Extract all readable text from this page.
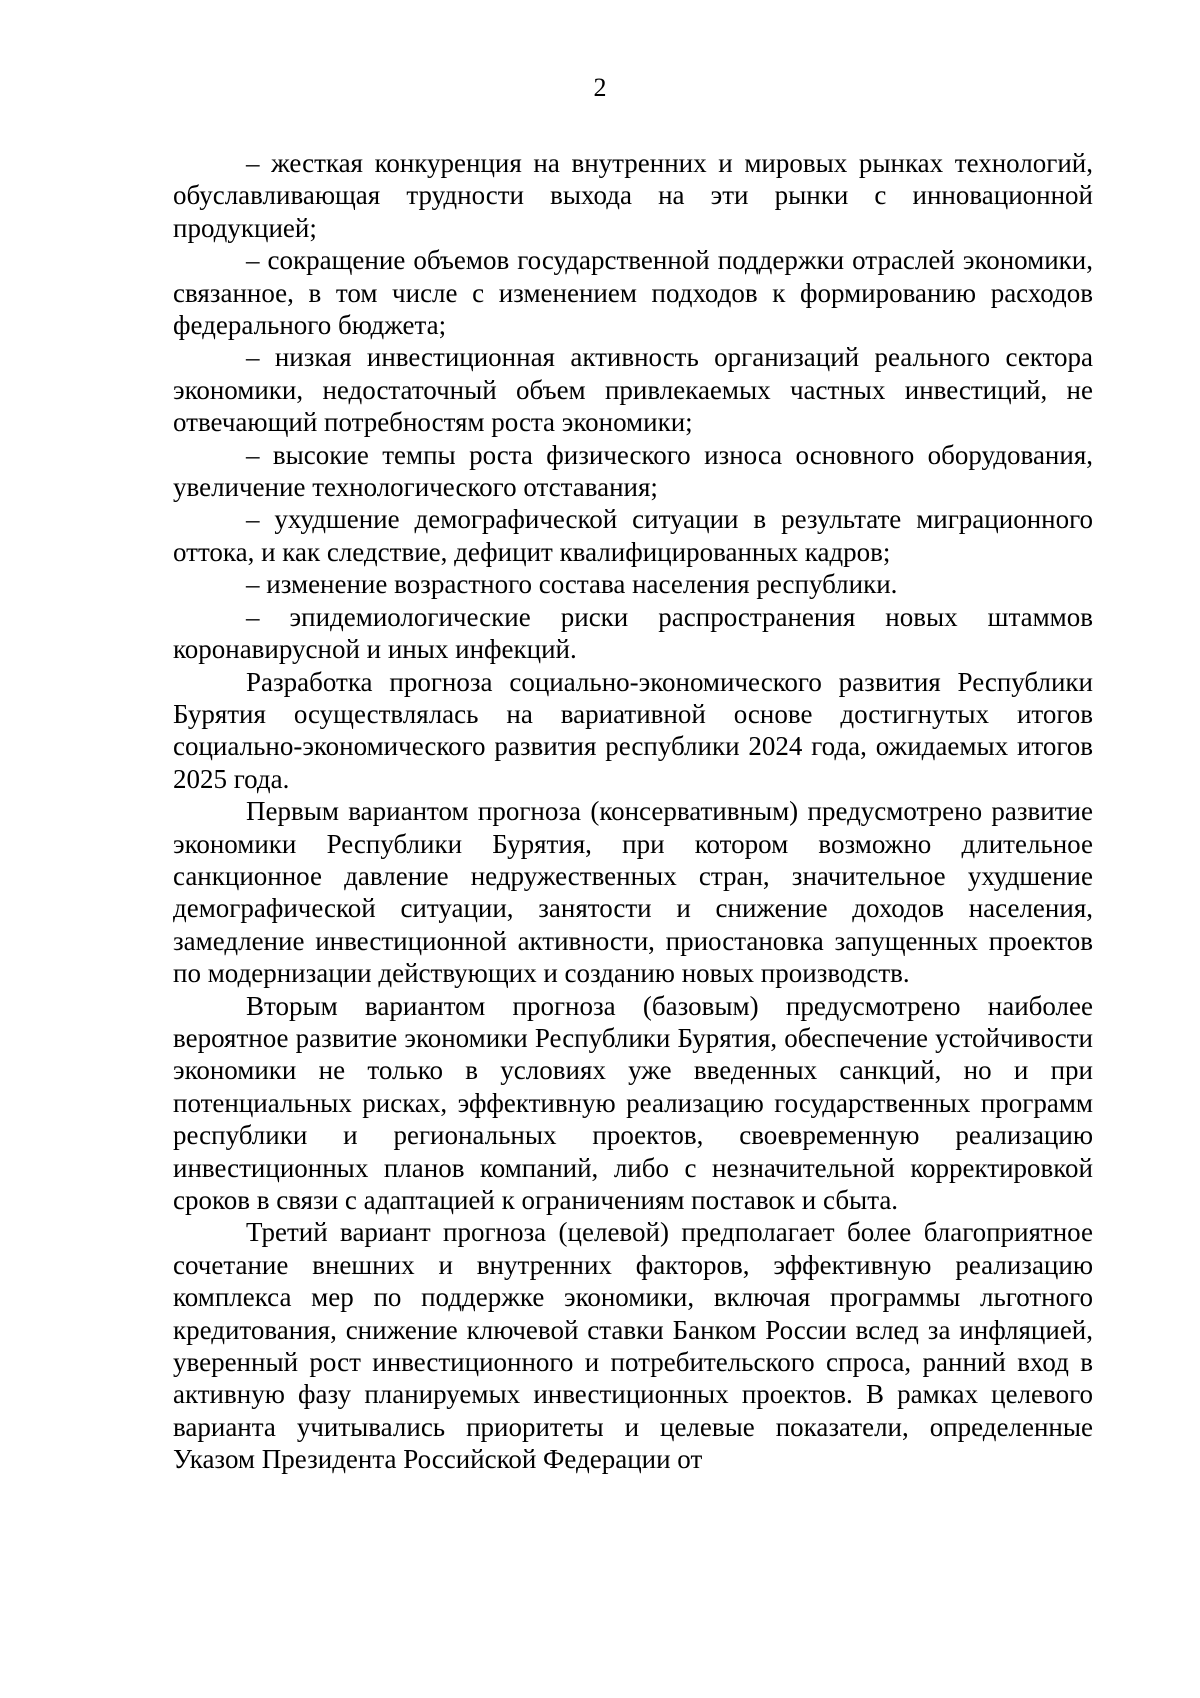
2

– жесткая конкуренция на внутренних и мировых рынках технологий, обуславливающая трудности выхода на эти рынки с инновационной продукцией;

– сокращение объемов государственной поддержки отраслей экономики, связанное, в том числе с изменением подходов к формированию расходов федерального бюджета;

– низкая инвестиционная активность организаций реального сектора экономики, недостаточный объем привлекаемых частных инвестиций, не отвечающий потребностям роста экономики;

– высокие темпы роста физического износа основного оборудования, увеличение технологического отставания;

– ухудшение демографической ситуации в результате миграционного оттока, и как следствие, дефицит квалифицированных кадров;

– изменение возрастного состава населения республики.

– эпидемиологические риски распространения новых штаммов коронавирусной и иных инфекций.

Разработка прогноза социально-экономического развития Республики Бурятия осуществлялась на вариативной основе достигнутых итогов социально-экономического развития республики 2024 года, ожидаемых итогов 2025 года.

Первым вариантом прогноза (консервативным) предусмотрено развитие экономики Республики Бурятия, при котором возможно длительное санкционное давление недружественных стран, значительное ухудшение демографической ситуации, занятости и снижение доходов населения, замедление инвестиционной активности, приостановка запущенных проектов по модернизации действующих и созданию новых производств.

Вторым вариантом прогноза (базовым) предусмотрено наиболее вероятное развитие экономики Республики Бурятия, обеспечение устойчивости экономики не только в условиях уже введенных санкций, но и при потенциальных рисках, эффективную реализацию государственных программ республики и региональных проектов, своевременную реализацию инвестиционных планов компаний, либо с незначительной корректировкой сроков в связи с адаптацией к ограничениям поставок и сбыта.

Третий вариант прогноза (целевой) предполагает более благоприятное сочетание внешних и внутренних факторов, эффективную реализацию комплекса мер по поддержке экономики, включая программы льготного кредитования, снижение ключевой ставки Банком России вслед за инфляцией, уверенный рост инвестиционного и потребительского спроса, ранний вход в активную фазу планируемых инвестиционных проектов. В рамках целевого варианта учитывались приоритеты и целевые показатели, определенные Указом Президента Российской Федерации от
